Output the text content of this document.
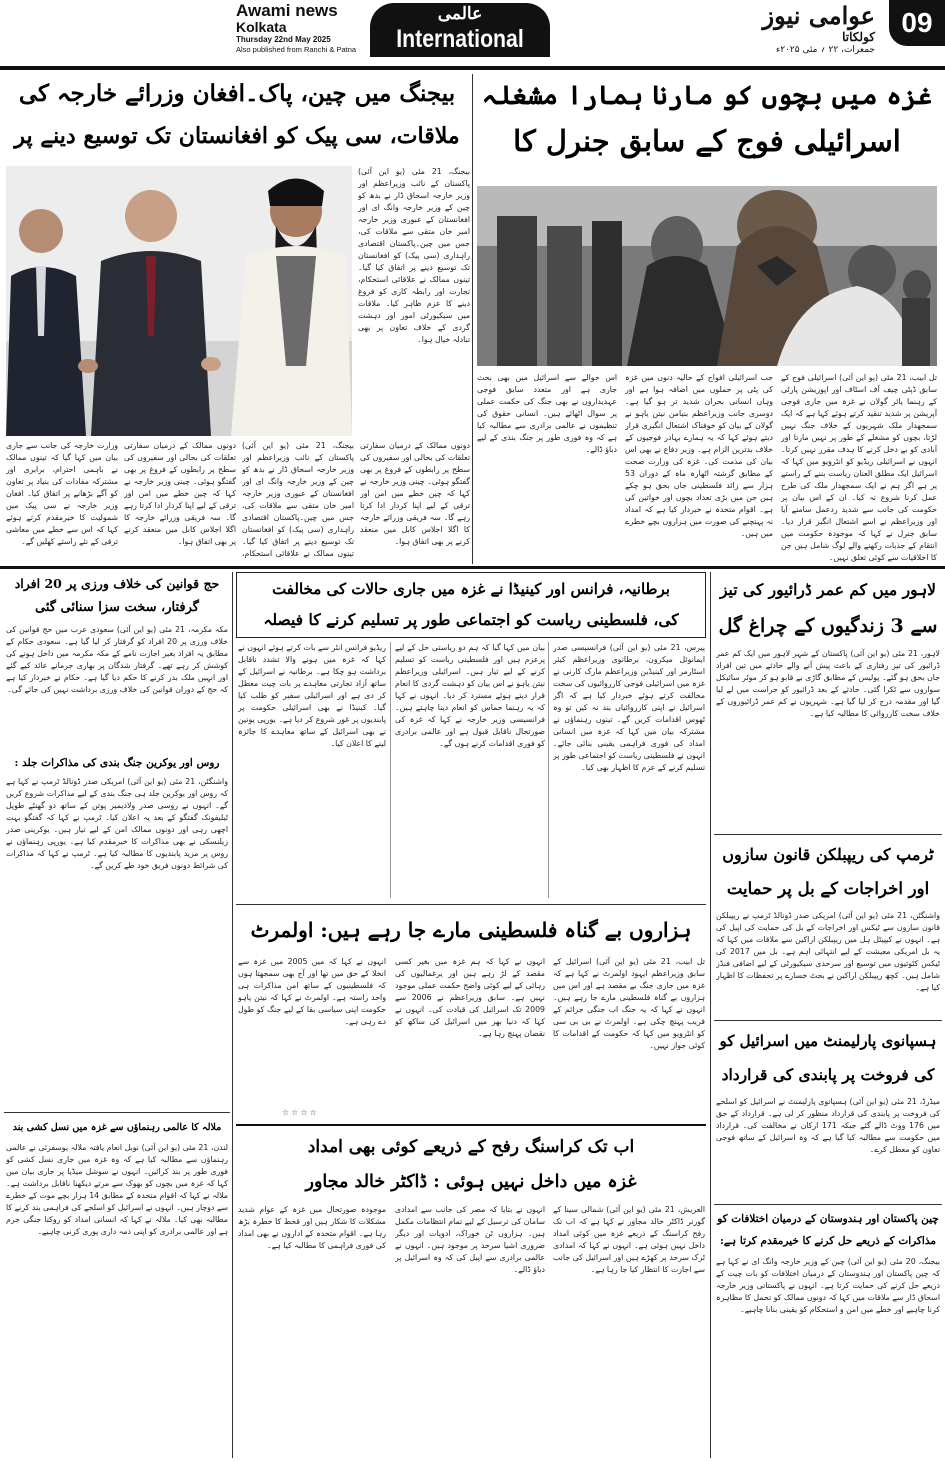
Awami news
Kolkata
Thursday 22nd May 2025
Also published from Ranchi & Patna
عالمی
International
عوامی نیوز
کولکاتا
جمعرات، ۲۲ ؍ مئی ۲۰۲۵ء
09
غزہ میں بچوں کو مارنا ہمارا مشغلہ
اسرائیلی فوج کے سابق جنرل کا
اس حوالے سے اسرائیل میں بھی بحث جاری ہے اور متعدد سابق فوجی عہدیداروں نے بھی جنگ کی حکمت عملی پر سوال اٹھائے ہیں۔ انسانی حقوق کی تنظیموں نے عالمی برادری سے مطالبہ کیا ہے کہ وہ فوری طور پر جنگ بندی کے لیے دباؤ ڈالے۔
جب اسرائیلی افواج کے حالیہ دنوں میں غزہ کی پٹی پر حملوں میں اضافہ ہوا ہے اور وہاں انسانی بحران شدید تر ہو گیا ہے۔ دوسری جانب وزیراعظم بنیامن نیتن یاہو نے گولان کے بیان کو خوفناک اشتعال انگیزی قرار دیتے ہوئے کہا کہ یہ ہمارے بہادر فوجیوں کے خلاف بدترین الزام ہے۔ وزیر دفاع نے بھی اس بیان کی مذمت کی۔ غزہ کی وزارت صحت کے مطابق گزشتہ اٹھارہ ماہ کے دوران 53 ہزار سے زائد فلسطینی جاں بحق ہو چکے ہیں جن میں بڑی تعداد بچوں اور خواتین کی ہے۔ اقوام متحدہ نے خبردار کیا ہے کہ امداد نہ پہنچنے کی صورت میں ہزاروں بچے خطرے میں ہیں۔
تل ابیب، 21 مئی (یو این آئی) اسرائیلی فوج کے سابق ڈپٹی چیف آف اسٹاف اور اپوزیشن پارٹی کے رہنما یائر گولان نے غزہ میں جاری فوجی آپریشن پر شدید تنقید کرتے ہوئے کہا ہے کہ ایک سمجھدار ملک شہریوں کے خلاف جنگ نہیں لڑتا، بچوں کو مشغلے کے طور پر نہیں مارتا اور آبادی کو بے دخل کرنے کا ہدف مقرر نہیں کرتا۔ انہوں نے اسرائیلی ریڈیو کو انٹرویو میں کہا کہ اسرائیل ایک مطلق العنان ریاست بننے کے راستے پر ہے اگر ہم نے ایک سمجھدار ملک کی طرح عمل کرنا شروع نہ کیا۔ ان کے اس بیان پر حکومت کی جانب سے شدید ردعمل سامنے آیا اور وزیراعظم نے اسے اشتعال انگیز قرار دیا۔ سابق جنرل نے کہا کہ موجودہ حکومت میں انتقام کے جذبات رکھنے والے لوگ شامل ہیں جن کا اخلاقیات سے کوئی تعلق نہیں۔
بیجنگ میں چین، پاک۔افغان وزرائے خارجہ کی
ملاقات، سی پیک کو افغانستان تک توسیع دینے پر
بیجنگ، 21 مئی (یو این آئی) پاکستان کے نائب وزیراعظم اور وزیر خارجہ اسحاق ڈار نے بدھ کو چین کے وزیر خارجہ وانگ ای اور افغانستان کے عبوری وزیر خارجہ امیر خان متقی سے ملاقات کی، جس میں چین۔پاکستان اقتصادی راہداری (سی پیک) کو افغانستان تک توسیع دینے پر اتفاق کیا گیا۔ تینوں ممالک نے علاقائی استحکام، تجارت اور رابطہ کاری کو فروغ دینے کا عزم ظاہر کیا۔ ملاقات میں سیکیورٹی امور اور دہشت گردی کے خلاف تعاون پر بھی تبادلہ خیال ہوا۔
وزارت خارجہ کی جانب سے جاری بیان میں کہا گیا کہ تینوں ممالک نے باہمی احترام، برابری اور مشترکہ مفادات کی بنیاد پر تعاون کو آگے بڑھانے پر اتفاق کیا۔ افغان وزیر خارجہ نے سی پیک میں شمولیت کا خیرمقدم کرتے ہوئے کہا کہ اس سے خطے میں معاشی ترقی کے نئے راستے کھلیں گے۔
دونوں ممالک کے درمیان سفارتی تعلقات کی بحالی اور سفیروں کی سطح پر رابطوں کے فروغ پر بھی گفتگو ہوئی۔ چینی وزیر خارجہ نے کہا کہ چین خطے میں امن اور ترقی کے لیے اپنا کردار ادا کرتا رہے گا۔ سہ فریقی وزرائے خارجہ کا اگلا اجلاس کابل میں منعقد کرنے پر بھی اتفاق ہوا۔
بیجنگ، 21 مئی (یو این آئی) پاکستان کے نائب وزیراعظم اور وزیر خارجہ اسحاق ڈار نے بدھ کو چین کے وزیر خارجہ وانگ ای اور افغانستان کے عبوری وزیر خارجہ امیر خان متقی سے ملاقات کی، جس میں چین۔پاکستان اقتصادی راہداری (سی پیک) کو افغانستان تک توسیع دینے پر اتفاق کیا گیا۔ تینوں ممالک نے علاقائی استحکام،
دونوں ممالک کے درمیان سفارتی تعلقات کی بحالی اور سفیروں کی سطح پر رابطوں کے فروغ پر بھی گفتگو ہوئی۔ چینی وزیر خارجہ نے کہا کہ چین خطے میں امن اور ترقی کے لیے اپنا کردار ادا کرتا رہے گا۔ سہ فریقی وزرائے خارجہ کا اگلا اجلاس کابل میں منعقد کرنے پر بھی اتفاق ہوا۔
لاہور میں کم عمر ڈرائیور کی تیز
سے 3 زندگیوں کے چراغ گل
لاہور، 21 مئی (یو این آئی) پاکستان کے شہر لاہور میں ایک کم عمر ڈرائیور کی تیز رفتاری کے باعث پیش آنے والے حادثے میں تین افراد جاں بحق ہو گئے۔ پولیس کے مطابق گاڑی بے قابو ہو کر موٹر سائیکل سواروں سے ٹکرا گئی۔ حادثے کے بعد ڈرائیور کو حراست میں لے لیا گیا اور مقدمہ درج کر لیا گیا ہے۔ شہریوں نے کم عمر ڈرائیوروں کے خلاف سخت کارروائی کا مطالبہ کیا ہے۔
ٹرمپ کی ریپبلکن قانون سازوں
اور اخراجات کے بل پر حمایت
واشنگٹن، 21 مئی (یو این آئی) امریکی صدر ڈونالڈ ٹرمپ نے ریپبلکن قانون سازوں سے ٹیکس اور اخراجات کے بل کی حمایت کی اپیل کی ہے۔ انہوں نے کیپیٹل ہل میں ریپبلکن اراکین سے ملاقات میں کہا کہ یہ بل امریکی معیشت کے لیے انتہائی اہم ہے۔ بل میں 2017 کی ٹیکس کٹوتیوں میں توسیع اور سرحدی سیکیورٹی کے لیے اضافی فنڈز شامل ہیں۔ کچھ ریپبلکن اراکین نے بجٹ خسارے پر تحفظات کا اظہار کیا ہے۔
ہسپانوی پارلیمنٹ میں اسرائیل کو
کی فروخت پر پابندی کی قرارداد
میڈرڈ، 21 مئی (یو این آئی) ہسپانوی پارلیمنٹ نے اسرائیل کو اسلحے کی فروخت پر پابندی کی قرارداد منظور کر لی ہے۔ قرارداد کے حق میں 176 ووٹ ڈالے گئے جبکہ 171 ارکان نے مخالفت کی۔ قرارداد میں حکومت سے مطالبہ کیا گیا ہے کہ وہ اسرائیل کے ساتھ فوجی تعاون کو معطل کرے۔
چین پاکستان اور ہندوستان کے درمیان اختلافات کو
مذاکرات کے ذریعے حل کرنے کا خیرمقدم کرتا ہے:
بیجنگ، 20 مئی (یو این آئی) چین کے وزیر خارجہ وانگ ای نے کہا ہے کہ چین پاکستان اور ہندوستان کے درمیان اختلافات کو بات چیت کے ذریعے حل کرنے کی حمایت کرتا ہے۔ انہوں نے پاکستانی وزیر خارجہ اسحاق ڈار سے ملاقات میں کہا کہ دونوں ممالک کو تحمل کا مظاہرہ کرنا چاہیے اور خطے میں امن و استحکام کو یقینی بنانا چاہیے۔
برطانیہ، فرانس اور کینیڈا نے غزہ میں جاری حالات کی مخالفت
کی، فلسطینی ریاست کو اجتماعی طور پر تسلیم کرنے کا فیصلہ
ریڈیو فرانس انٹر سے بات کرتے ہوئے انہوں نے کہا کہ غزہ میں ہونے والا تشدد ناقابل برداشت ہو چکا ہے۔ برطانیہ نے اسرائیل کے ساتھ آزاد تجارتی معاہدے پر بات چیت معطل کر دی ہے اور اسرائیلی سفیر کو طلب کیا گیا۔ کینیڈا نے بھی اسرائیلی حکومت پر پابندیوں پر غور شروع کر دیا ہے۔ یورپی یونین نے بھی اسرائیل کے ساتھ معاہدے کا جائزہ لینے کا اعلان کیا۔
بیان میں کہا گیا کہ ہم دو ریاستی حل کے لیے پرعزم ہیں اور فلسطینی ریاست کو تسلیم کرنے کے لیے تیار ہیں۔ اسرائیلی وزیراعظم نیتن یاہو نے اس بیان کو دہشت گردی کا انعام قرار دیتے ہوئے مسترد کر دیا۔ انہوں نے کہا کہ یہ رہنما حماس کو انعام دینا چاہتے ہیں۔ فرانسیسی وزیر خارجہ نے کہا کہ غزہ کی صورتحال ناقابل قبول ہے اور عالمی برادری کو فوری اقدامات کرنے ہوں گے۔
پیرس، 21 مئی (یو این آئی) فرانسیسی صدر ایمانوئل میکرون، برطانوی وزیراعظم کیئر اسٹارمر اور کینیڈین وزیراعظم مارک کارنی نے غزہ میں اسرائیلی فوجی کارروائیوں کی سخت مخالفت کرتے ہوئے خبردار کیا ہے کہ اگر اسرائیل نے اپنی کارروائیاں بند نہ کیں تو وہ ٹھوس اقدامات کریں گے۔ تینوں رہنماؤں نے مشترکہ بیان میں کہا کہ غزہ میں انسانی امداد کی فوری فراہمی یقینی بنائی جائے۔ انہوں نے فلسطینی ریاست کو اجتماعی طور پر تسلیم کرنے کے عزم کا اظہار بھی کیا۔
ہزاروں بے گناہ فلسطینی مارے جا رہے ہیں: اولمرٹ
انہوں نے کہا کہ میں 2005 میں غزہ سے انخلا کے حق میں تھا اور آج بھی سمجھتا ہوں کہ فلسطینیوں کے ساتھ امن مذاکرات ہی واحد راستہ ہے۔ اولمرٹ نے کہا کہ نیتن یاہو حکومت اپنی سیاسی بقا کے لیے جنگ کو طول دے رہی ہے۔
انہوں نے کہا کہ ہم غزہ میں بغیر کسی مقصد کے لڑ رہے ہیں اور یرغمالیوں کی رہائی کے لیے کوئی واضح حکمت عملی موجود نہیں ہے۔ سابق وزیراعظم نے 2006 سے 2009 تک اسرائیل کی قیادت کی۔ انہوں نے کہا کہ دنیا بھر میں اسرائیل کی ساکھ کو نقصان پہنچ رہا ہے۔
تل ابیب، 21 مئی (یو این آئی) اسرائیل کے سابق وزیراعظم ایہود اولمرٹ نے کہا ہے کہ غزہ میں جاری جنگ بے مقصد ہے اور اس میں ہزاروں بے گناہ فلسطینی مارے جا رہے ہیں۔ انہوں نے کہا کہ یہ جنگ اب جنگی جرائم کے قریب پہنچ چکی ہے۔ اولمرٹ نے بی بی سی کو انٹرویو میں کہا کہ حکومت کے اقدامات کا کوئی جواز نہیں۔
☆☆☆☆
اب تک کراسنگ رفح کے ذریعے کوئی بھی امداد
غزہ میں داخل نہیں ہوئی : ڈاکٹر خالد مجاور
موجودہ صورتحال میں غزہ کے عوام شدید مشکلات کا شکار ہیں اور قحط کا خطرہ بڑھ رہا ہے۔ اقوام متحدہ کے اداروں نے بھی امداد کی فوری فراہمی کا مطالبہ کیا ہے۔
انہوں نے بتایا کہ مصر کی جانب سے امدادی سامان کی ترسیل کے لیے تمام انتظامات مکمل ہیں۔ ہزاروں ٹن خوراک، ادویات اور دیگر ضروری اشیا سرحد پر موجود ہیں۔ انہوں نے عالمی برادری سے اپیل کی کہ وہ اسرائیل پر دباؤ ڈالے۔
العریش، 21 مئی (یو این آئی) شمالی سینا کے گورنر ڈاکٹر خالد مجاور نے کہا ہے کہ اب تک رفح کراسنگ کے ذریعے غزہ میں کوئی امداد داخل نہیں ہوئی ہے۔ انہوں نے کہا کہ امدادی ٹرک سرحد پر کھڑے ہیں اور اسرائیل کی جانب سے اجازت کا انتظار کیا جا رہا ہے۔
حج قوانین کی خلاف ورزی پر 20 افراد
گرفتار، سخت سزا سنائی گئی
مکہ مکرمہ، 21 مئی (یو این آئی) سعودی عرب میں حج قوانین کی خلاف ورزی پر 20 افراد کو گرفتار کر لیا گیا ہے۔ سعودی حکام کے مطابق یہ افراد بغیر اجازت نامے کے مکہ مکرمہ میں داخل ہونے کی کوشش کر رہے تھے۔ گرفتار شدگان پر بھاری جرمانے عائد کیے گئے اور انہیں ملک بدر کرنے کا حکم دیا گیا ہے۔ حکام نے خبردار کیا ہے کہ حج کے دوران قوانین کی خلاف ورزی برداشت نہیں کی جائے گی۔
روس اور یوکرین جنگ بندی کی مذاکرات جلد :
واشنگٹن، 21 مئی (یو این آئی) امریکی صدر ڈونالڈ ٹرمپ نے کہا ہے کہ روس اور یوکرین جلد ہی جنگ بندی کے لیے مذاکرات شروع کریں گے۔ انہوں نے روسی صدر ولادیمیر پوتن کے ساتھ دو گھنٹے طویل ٹیلیفونک گفتگو کے بعد یہ اعلان کیا۔ ٹرمپ نے کہا کہ گفتگو بہت اچھی رہی اور دونوں ممالک امن کے لیے تیار ہیں۔ یوکرینی صدر زیلنسکی نے بھی مذاکرات کا خیرمقدم کیا ہے۔ یورپی رہنماؤں نے روس پر مزید پابندیوں کا مطالبہ کیا ہے۔ ٹرمپ نے کہا کہ مذاکرات کی شرائط دونوں فریق خود طے کریں گے۔
ملالہ کا عالمی رہنماؤں سے غزہ میں نسل کشی بند
لندن، 21 مئی (یو این آئی) نوبل انعام یافتہ ملالہ یوسفزئی نے عالمی رہنماؤں سے مطالبہ کیا ہے کہ وہ غزہ میں جاری نسل کشی کو فوری طور پر بند کرائیں۔ انہوں نے سوشل میڈیا پر جاری بیان میں کہا کہ غزہ میں بچوں کو بھوک سے مرتے دیکھنا ناقابل برداشت ہے۔ ملالہ نے کہا کہ اقوام متحدہ کے مطابق 14 ہزار بچے موت کے خطرے سے دوچار ہیں۔ انہوں نے اسرائیل کو اسلحے کی فراہمی بند کرنے کا مطالبہ بھی کیا۔ ملالہ نے کہا کہ انسانی امداد کو روکنا جنگی جرم ہے اور عالمی برادری کو اپنی ذمہ داری پوری کرنی چاہیے۔
